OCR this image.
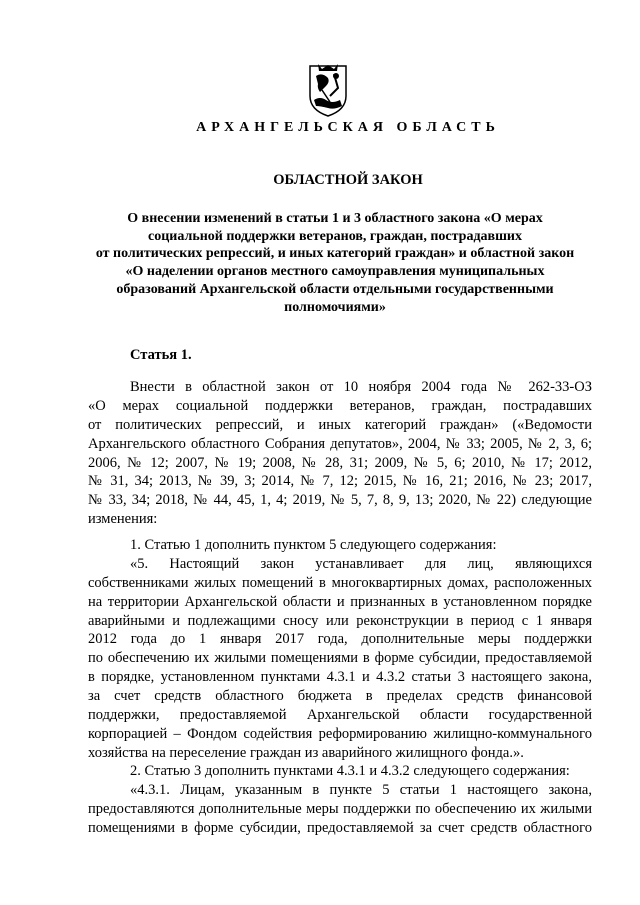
АРХАНГЕЛЬСКАЯ ОБЛАСТЬ
ОБЛАСТНОЙ ЗАКОН
О внесении изменений в статьи 1 и 3 областного закона «О мерах
социальной поддержки ветеранов, граждан, пострадавших
от политических репрессий, и иных категорий граждан» и областной закон
«О наделении органов местного самоуправления муниципальных
образований Архангельской области отдельными государственными
полномочиями»
Статья 1.
Внести в областной закон от 10 ноября 2004 года № 262-33-ОЗ
«О мерах социальной поддержки ветеранов, граждан, пострадавших
от политических репрессий, и иных категорий граждан» («Ведомости
Архангельского областного Собрания депутатов», 2004, № 33; 2005, № 2, 3, 6;
2006, № 12; 2007, № 19; 2008, № 28, 31; 2009, № 5, 6; 2010, № 17; 2012,
№ 31, 34; 2013, № 39, 3; 2014, № 7, 12; 2015, № 16, 21; 2016, № 23; 2017,
№ 33, 34; 2018, № 44, 45, 1, 4; 2019, № 5, 7, 8, 9, 13; 2020, № 22) следующие
изменения:
1. Статью 1 дополнить пунктом 5 следующего содержания:
«5. Настоящий закон устанавливает для лиц, являющихся
собственниками жилых помещений в многоквартирных домах, расположенных
на территории Архангельской области и признанных в установленном порядке
аварийными и подлежащими сносу или реконструкции в период с 1 января
2012 года до 1 января 2017 года, дополнительные меры поддержки
по обеспечению их жилыми помещениями в форме субсидии, предоставляемой
в порядке, установленном пунктами 4.3.1 и 4.3.2 статьи 3 настоящего закона,
за счет средств областного бюджета в пределах средств финансовой
поддержки, предоставляемой Архангельской области государственной
корпорацией – Фондом содействия реформированию жилищно-коммунального
хозяйства на переселение граждан из аварийного жилищного фонда.».
2. Статью 3 дополнить пунктами 4.3.1 и 4.3.2 следующего содержания:
«4.3.1. Лицам, указанным в пункте 5 статьи 1 настоящего закона,
предоставляются дополнительные меры поддержки по обеспечению их жилыми
помещениями в форме субсидии, предоставляемой за счет средств областного
